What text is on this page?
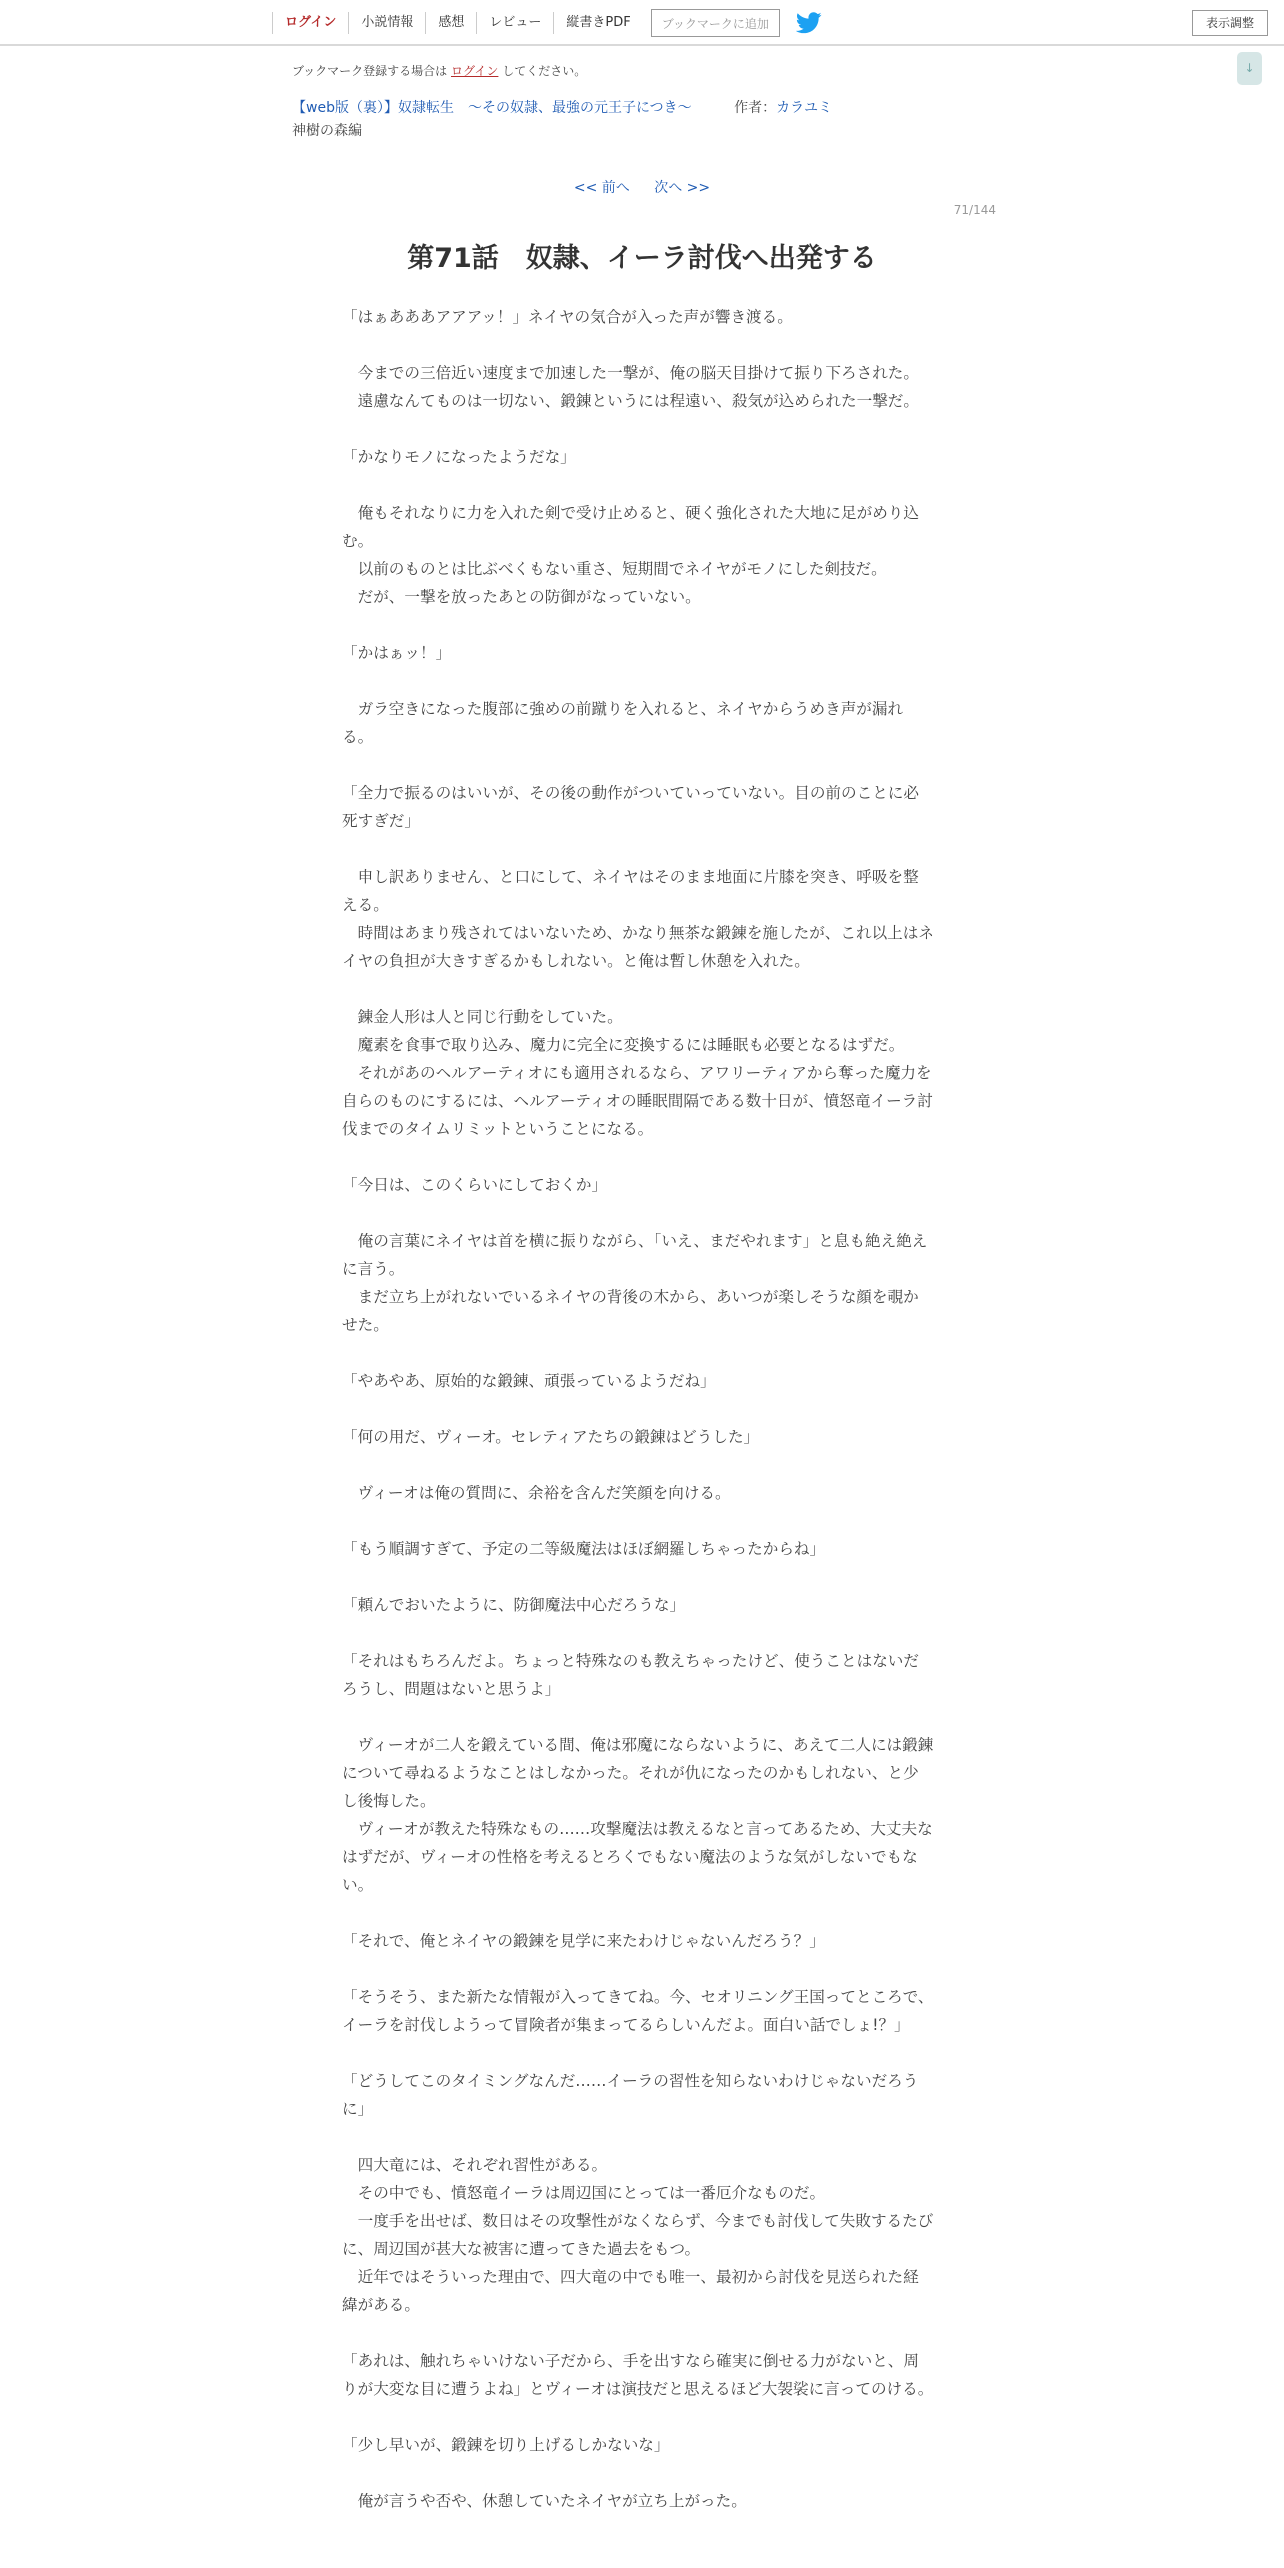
ログイン	小説情報	感想	レビュー	縦書きPDF	ブックマークに追加	表示調整
↓
ブックマーク登録する場合は ログイン してください。
【web版（裏）】奴隷転生　～その奴隷、最強の元王子につき～	作者：カラユミ
神樹の森編
<< 前へ 次へ >>
71/144
第71話　奴隷、イーラ討伐へ出発する

「はぁあああアアアッ！」ネイヤの気合が入った声が響き渡る。

　今までの三倍近い速度まで加速した一撃が、俺の脳天目掛けて振り下ろされた。

　遠慮なんてものは一切ない、鍛錬というには程遠い、殺気が込められた一撃だ。

「かなりモノになったようだな」

　俺もそれなりに力を入れた剣で受け止めると、硬く強化された大地に足がめり込む。

　以前のものとは比ぶべくもない重さ、短期間でネイヤがモノにした剣技だ。

　だが、一撃を放ったあとの防御がなっていない。

「かはぁッ！」

　ガラ空きになった腹部に強めの前蹴りを入れると、ネイヤからうめき声が漏れる。

「全力で振るのはいいが、その後の動作がついていっていない。目の前のことに必死すぎだ」

　申し訳ありません、と口にして、ネイヤはそのまま地面に片膝を突き、呼吸を整える。

　時間はあまり残されてはいないため、かなり無茶な鍛錬を施したが、これ以上はネイヤの負担が大きすぎるかもしれない。と俺は暫し休憩を入れた。

　錬金人形は人と同じ行動をしていた。

　魔素を食事で取り込み、魔力に完全に変換するには睡眠も必要となるはずだ。

　それがあのヘルアーティオにも適用されるなら、アワリーティアから奪った魔力を自らのものにするには、ヘルアーティオの睡眠間隔である数十日が、憤怒竜イーラ討伐までのタイムリミットということになる。

「今日は、このくらいにしておくか」

　俺の言葉にネイヤは首を横に振りながら、「いえ、まだやれます」と息も絶え絶えに言う。

　まだ立ち上がれないでいるネイヤの背後の木から、あいつが楽しそうな顔を覗かせた。

「やあやあ、原始的な鍛錬、頑張っているようだね」

「何の用だ、ヴィーオ。セレティアたちの鍛錬はどうした」

　ヴィーオは俺の質問に、余裕を含んだ笑顔を向ける。

「もう順調すぎて、予定の二等級魔法はほぼ網羅しちゃったからね」

「頼んでおいたように、防御魔法中心だろうな」

「それはもちろんだよ。ちょっと特殊なのも教えちゃったけど、使うことはないだろうし、問題はないと思うよ」

　ヴィーオが二人を鍛えている間、俺は邪魔にならないように、あえて二人には鍛錬について尋ねるようなことはしなかった。それが仇になったのかもしれない、と少し後悔した。

　ヴィーオが教えた特殊なもの……攻撃魔法は教えるなと言ってあるため、大丈夫なはずだが、ヴィーオの性格を考えるとろくでもない魔法のような気がしないでもない。

「それで、俺とネイヤの鍛錬を見学に来たわけじゃないんだろう？」

「そうそう、また新たな情報が入ってきてね。今、セオリニング王国ってところで、イーラを討伐しようって冒険者が集まってるらしいんだよ。面白い話でしょ!？」

「どうしてこのタイミングなんだ……イーラの習性を知らないわけじゃないだろうに」

　四大竜には、それぞれ習性がある。

　その中でも、憤怒竜イーラは周辺国にとっては一番厄介なものだ。

　一度手を出せば、数日はその攻撃性がなくならず、今までも討伐して失敗するたびに、周辺国が甚大な被害に遭ってきた過去をもつ。

　近年ではそういった理由で、四大竜の中でも唯一、最初から討伐を見送られた経緯がある。

「あれは、触れちゃいけない子だから、手を出すなら確実に倒せる力がないと、周りが大変な目に遭うよね」とヴィーオは演技だと思えるほど大袈裟に言ってのける。

「少し早いが、鍛錬を切り上げるしかないな」

　俺が言うや否や、休憩していたネイヤが立ち上がった。
